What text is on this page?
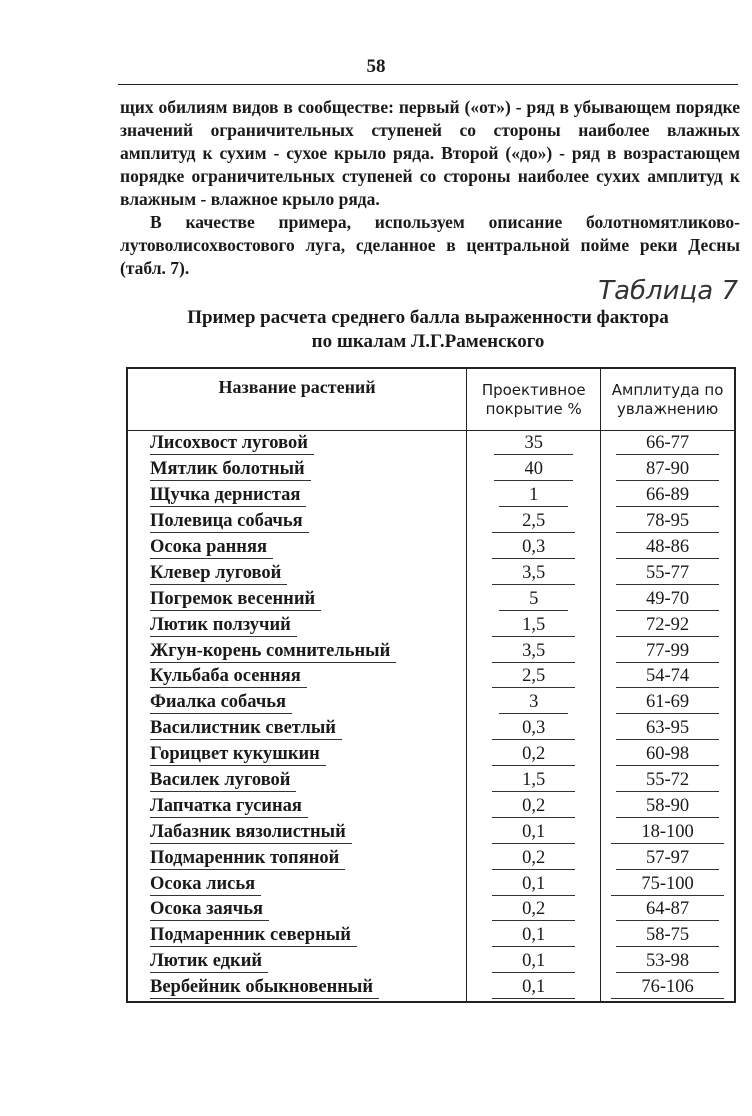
58

щих обилиям видов в сообществе: первый («от») - ряд в убывающем порядке значений ограничительных ступеней со стороны наиболее влажных амплитуд к сухим - сухое крыло ряда. Второй («до») - ряд в возрастающем порядке ограничительных ступеней со стороны наиболее сухих амплитуд к влажным - влажное крыло ряда.

В качестве примера, используем описание болотномятликово-лутоволисохвостового луга, сделанное в центральной пойме реки Десны (табл. 7).

Таблица 7
Пример расчета среднего балла выраженности фактора
по шкалам Л.Г.Раменского
Название растений	Проективное покрытие %	Амплитуда по увлажнению
Лисохвост луговой	35	66-77
Мятлик болотный	40	87-90
Щучка дернистая	1	66-89
Полевица собачья	2,5	78-95
Осока ранняя	0,3	48-86
Клевер луговой	3,5	55-77
Погремок весенний	5	49-70
Лютик ползучий	1,5	72-92
Жгун-корень сомнительный	3,5	77-99
Кульбаба осенняя	2,5	54-74
Фиалка собачья	3	61-69
Василистник светлый	0,3	63-95
Горицвет кукушкин	0,2	60-98
Василек луговой	1,5	55-72
Лапчатка гусиная	0,2	58-90
Лабазник вязолистный	0,1	18-100
Подмаренник топяной	0,2	57-97
Осока лисья	0,1	75-100
Осока заячья	0,2	64-87
Подмаренник северный	0,1	58-75
Лютик едкий	0,1	53-98
Вербейник обыкновенный	0,1	76-106
